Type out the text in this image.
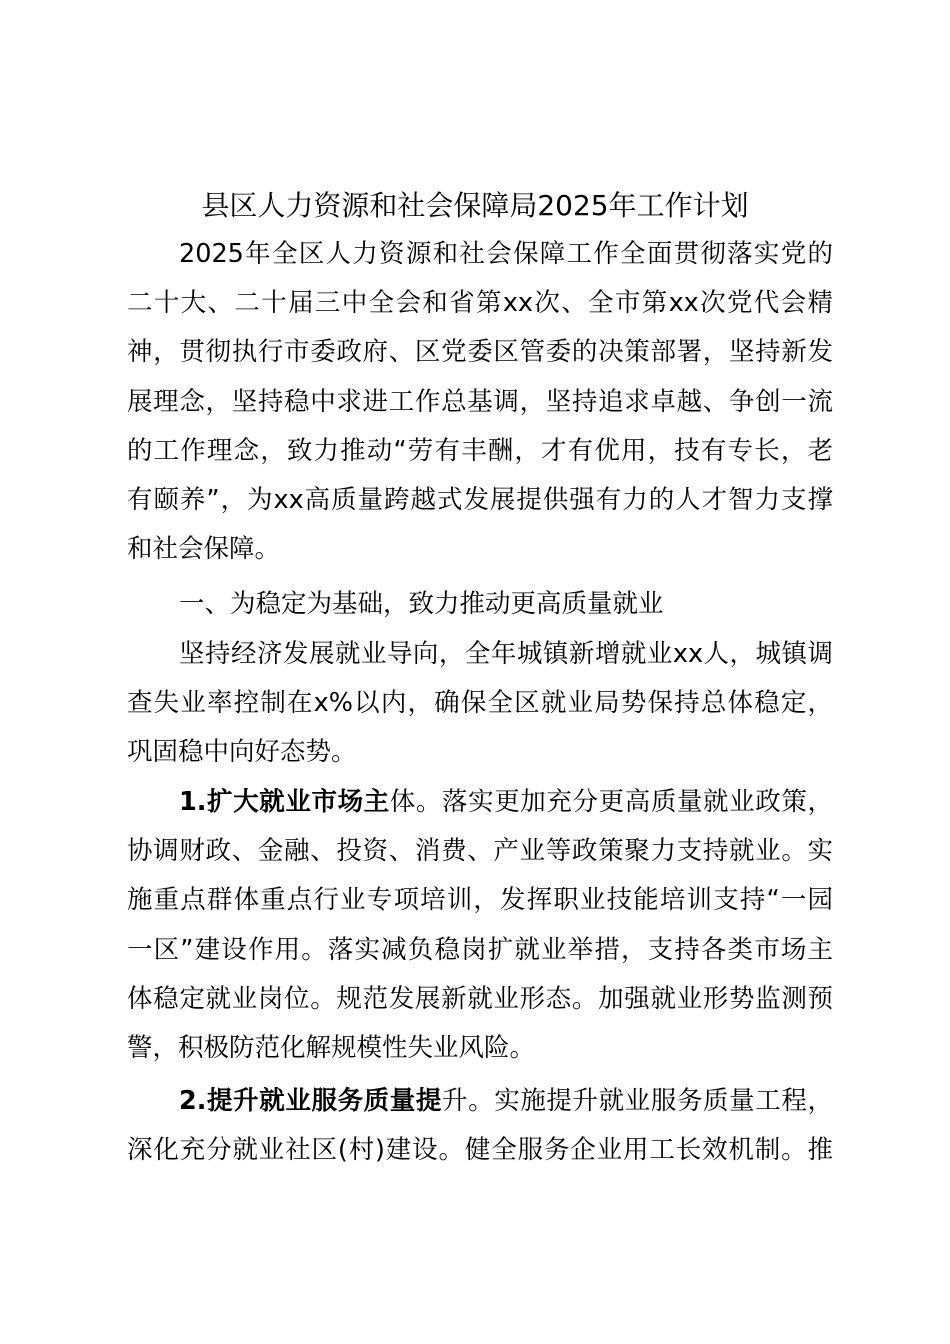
县区人力资源和社会保障局2025年工作计划
2025年全区人力资源和社会保障工作全面贯彻落实党的
二十大、二十届三中全会和省第xx次、全市第xx次党代会精
神，贯彻执行市委政府、区党委区管委的决策部署，坚持新发
展理念，坚持稳中求进工作总基调，坚持追求卓越、争创一流
的工作理念，致力推动“劳有丰酬，才有优用，技有专长，老
有颐养”，为xx高质量跨越式发展提供强有力的人才智力支撑
和社会保障。
一、为稳定为基础，致力推动更高质量就业
坚持经济发展就业导向，全年城镇新增就业xx人，城镇调
查失业率控制在x%以内，确保全区就业局势保持总体稳定，
巩固稳中向好态势。
1.扩大就业市场主体。落实更加充分更高质量就业政策，
协调财政、金融、投资、消费、产业等政策聚力支持就业。实
施重点群体重点行业专项培训，发挥职业技能培训支持“一园
一区”建设作用。落实减负稳岗扩就业举措，支持各类市场主
体稳定就业岗位。规范发展新就业形态。加强就业形势监测预
警，积极防范化解规模性失业风险。
2.提升就业服务质量提升。实施提升就业服务质量工程，
深化充分就业社区(村)建设。健全服务企业用工长效机制。推
